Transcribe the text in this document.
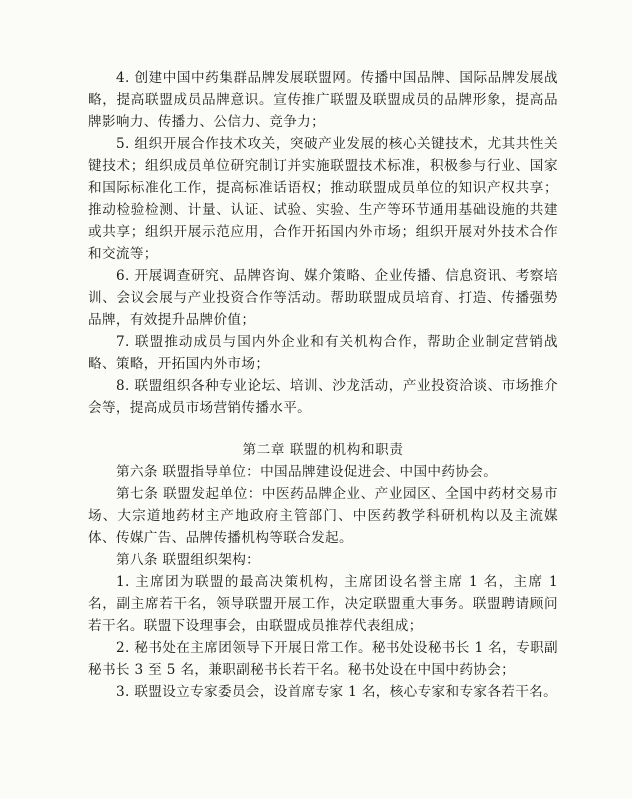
4. 创建中国中药集群品牌发展联盟网。传播中国品牌、国际品牌发展战略，提高联盟成员品牌意识。宣传推广联盟及联盟成员的品牌形象，提高品牌影响力、传播力、公信力、竞争力；

5. 组织开展合作技术攻关，突破产业发展的核心关键技术，尤其共性关键技术；组织成员单位研究制订并实施联盟技术标准，积极参与行业、国家和国际标准化工作，提高标准话语权；推动联盟成员单位的知识产权共享；推动检验检测、计量、认证、试验、实验、生产等环节通用基础设施的共建或共享；组织开展示范应用，合作开拓国内外市场；组织开展对外技术合作和交流等；

6. 开展调查研究、品牌咨询、媒介策略、企业传播、信息资讯、考察培训、会议会展与产业投资合作等活动。帮助联盟成员培育、打造、传播强势品牌，有效提升品牌价值；

7. 联盟推动成员与国内外企业和有关机构合作，帮助企业制定营销战略、策略，开拓国内外市场；

8. 联盟组织各种专业论坛、培训、沙龙活动，产业投资洽谈、市场推介会等，提高成员市场营销传播水平。

第二章 联盟的机构和职责

第六条 联盟指导单位：中国品牌建设促进会、中国中药协会。

第七条 联盟发起单位：中医药品牌企业、产业园区、全国中药材交易市场、大宗道地药材主产地政府主管部门、中医药教学科研机构以及主流媒体、传媒广告、品牌传播机构等联合发起。

第八条 联盟组织架构：

1. 主席团为联盟的最高决策机构，主席团设名誉主席 1 名，主席 1 名，副主席若干名，领导联盟开展工作，决定联盟重大事务。联盟聘请顾问若干名。联盟下设理事会，由联盟成员推荐代表组成；

2. 秘书处在主席团领导下开展日常工作。秘书处设秘书长 1 名，专职副秘书长 3 至 5 名，兼职副秘书长若干名。秘书处设在中国中药协会；

3. 联盟设立专家委员会，设首席专家 1 名，核心专家和专家各若干名。
